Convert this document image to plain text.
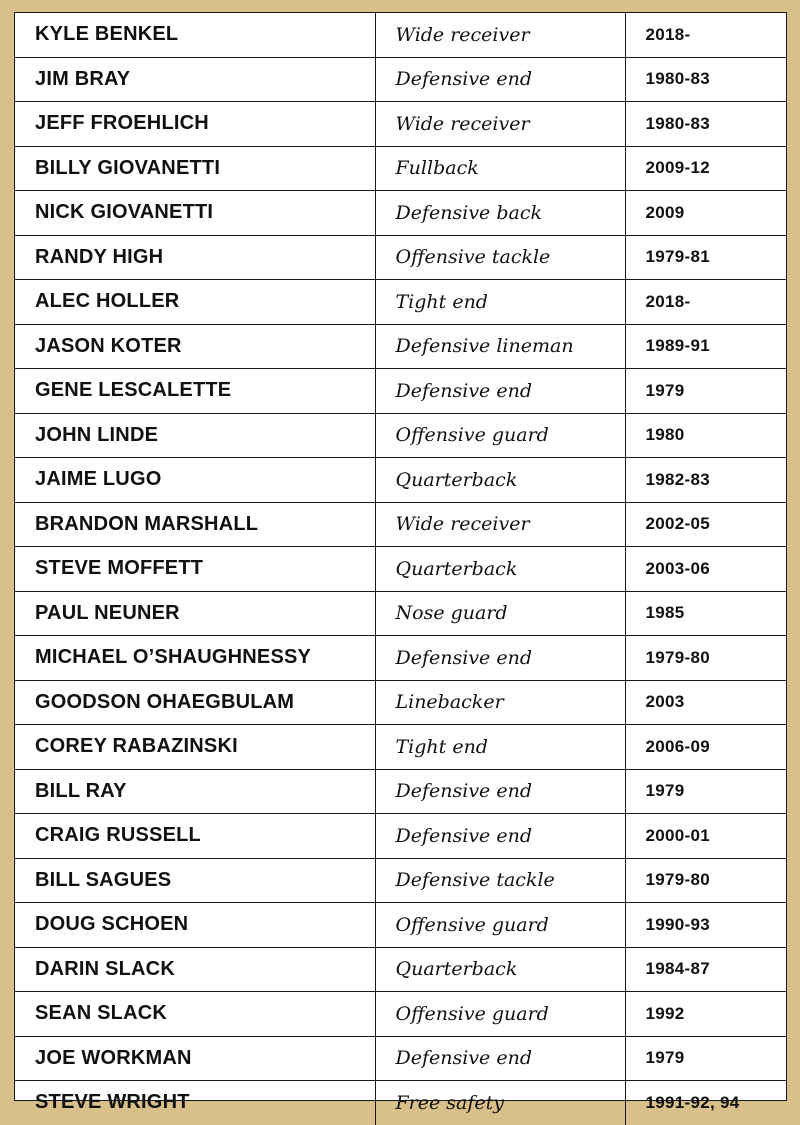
KYLE BENKEL	Wide receiver	2018-
JIM BRAY	Defensive end	1980-83
JEFF FROEHLICH	Wide receiver	1980-83
BILLY GIOVANETTI	Fullback	2009-12
NICK GIOVANETTI	Defensive back	2009
RANDY HIGH	Offensive tackle	1979-81
ALEC HOLLER	Tight end	2018-
JASON KOTER	Defensive lineman	1989-91
GENE LESCALETTE	Defensive end	1979
JOHN LINDE	Offensive guard	1980
JAIME LUGO	Quarterback	1982-83
BRANDON MARSHALL	Wide receiver	2002-05
STEVE MOFFETT	Quarterback	2003-06
PAUL NEUNER	Nose guard	1985
MICHAEL O’SHAUGHNESSY	Defensive end	1979-80
GOODSON OHAEGBULAM	Linebacker	2003
COREY RABAZINSKI	Tight end	2006-09
BILL RAY	Defensive end	1979
CRAIG RUSSELL	Defensive end	2000-01
BILL SAGUES	Defensive tackle	1979-80
DOUG SCHOEN	Offensive guard	1990-93
DARIN SLACK	Quarterback	1984-87
SEAN SLACK	Offensive guard	1992
JOE WORKMAN	Defensive end	1979
STEVE WRIGHT	Free safety	1991-92, 94
